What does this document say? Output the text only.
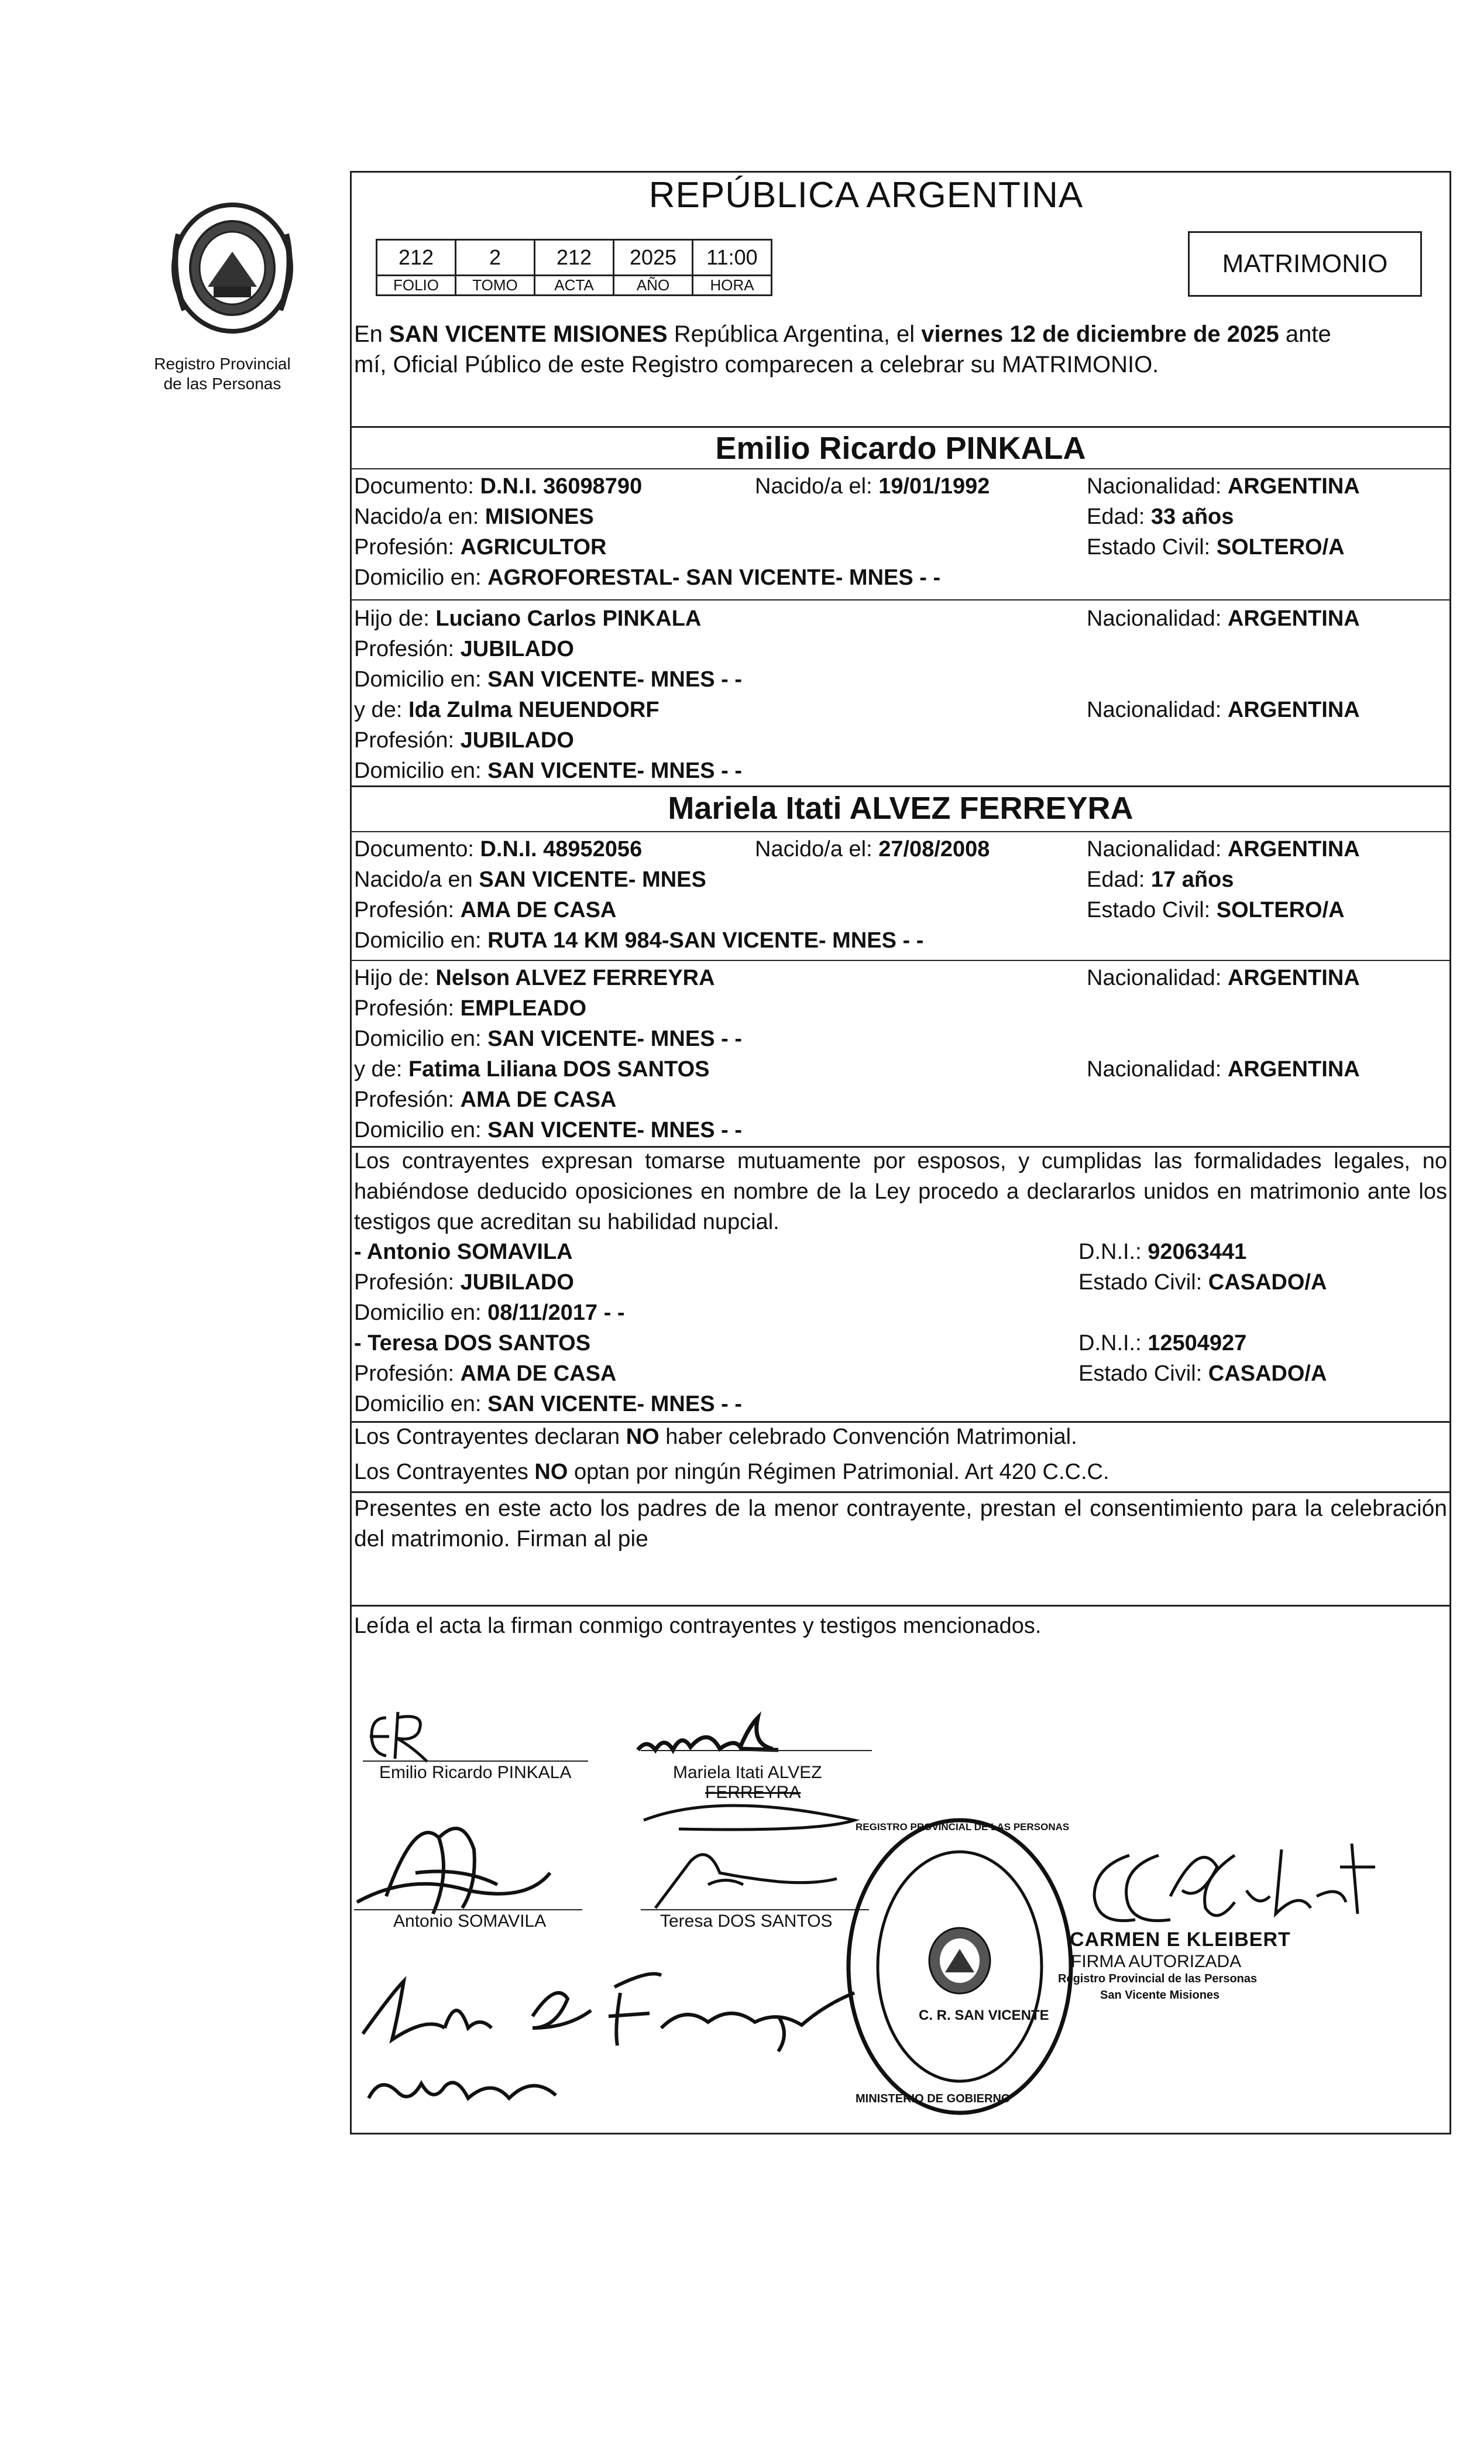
Registro Provincial
de las Personas
REPÚBLICA ARGENTINA
212	2	212	2025	11:00
FOLIO	TOMO	ACTA	AÑO	HORA
MATRIMONIO
En SAN VICENTE MISIONES República Argentina, el viernes 12 de diciembre de 2025 ante
mí, Oficial Público de este Registro comparecen a celebrar su MATRIMONIO.
Emilio Ricardo PINKALA
Documento: D.N.I. 36098790	Nacido/a el: 19/01/1992	Nacionalidad: ARGENTINA
Nacido/a en: MISIONES	Edad: 33 años
Profesión: AGRICULTOR	Estado Civil: SOLTERO/A
Domicilio en: AGROFORESTAL- SAN VICENTE- MNES - -
Hijo de: Luciano Carlos PINKALA	Nacionalidad: ARGENTINA
Profesión: JUBILADO
Domicilio en: SAN VICENTE- MNES - -
y de: Ida Zulma NEUENDORF	Nacionalidad: ARGENTINA
Profesión: JUBILADO
Domicilio en: SAN VICENTE- MNES - -
Mariela Itati ALVEZ FERREYRA
Documento: D.N.I. 48952056	Nacido/a el: 27/08/2008	Nacionalidad: ARGENTINA
Nacido/a en SAN VICENTE- MNES	Edad: 17 años
Profesión: AMA DE CASA	Estado Civil: SOLTERO/A
Domicilio en: RUTA 14 KM 984-SAN VICENTE- MNES - -
Hijo de: Nelson ALVEZ FERREYRA	Nacionalidad: ARGENTINA
Profesión: EMPLEADO
Domicilio en: SAN VICENTE- MNES - -
y de: Fatima Liliana DOS SANTOS	Nacionalidad: ARGENTINA
Profesión: AMA DE CASA
Domicilio en: SAN VICENTE- MNES - -
Los contrayentes expresan tomarse mutuamente por esposos, y cumplidas las formalidades legales, no habiéndose deducido oposiciones en nombre de la Ley procedo a declararlos unidos en matrimonio ante los testigos que acreditan su habilidad nupcial.
- Antonio SOMAVILA	D.N.I.: 92063441
Profesión: JUBILADO	Estado Civil: CASADO/A
Domicilio en: 08/11/2017 - -
- Teresa DOS SANTOS	D.N.I.: 12504927
Profesión: AMA DE CASA	Estado Civil: CASADO/A
Domicilio en: SAN VICENTE- MNES - -
Los Contrayentes declaran NO haber celebrado Convención Matrimonial.
Los Contrayentes NO optan por ningún Régimen Patrimonial. Art 420 C.C.C.
Presentes en este acto los padres de la menor contrayente, prestan el consentimiento para la celebración del matrimonio. Firman al pie
Leída el acta la firman conmigo contrayentes y testigos mencionados.
Emilio Ricardo PINKALA	Mariela Itati ALVEZ
FERREYRA
Antonio SOMAVILA	Teresa DOS SANTOS
C. R. SAN VICENTE
MINISTERIO DE GOBIERNO
REGISTRO PROVINCIAL DE LAS PERSONAS
CARMEN E KLEIBERT
FIRMA AUTORIZADA
Registro Provincial de las Personas
San Vicente Misiones
